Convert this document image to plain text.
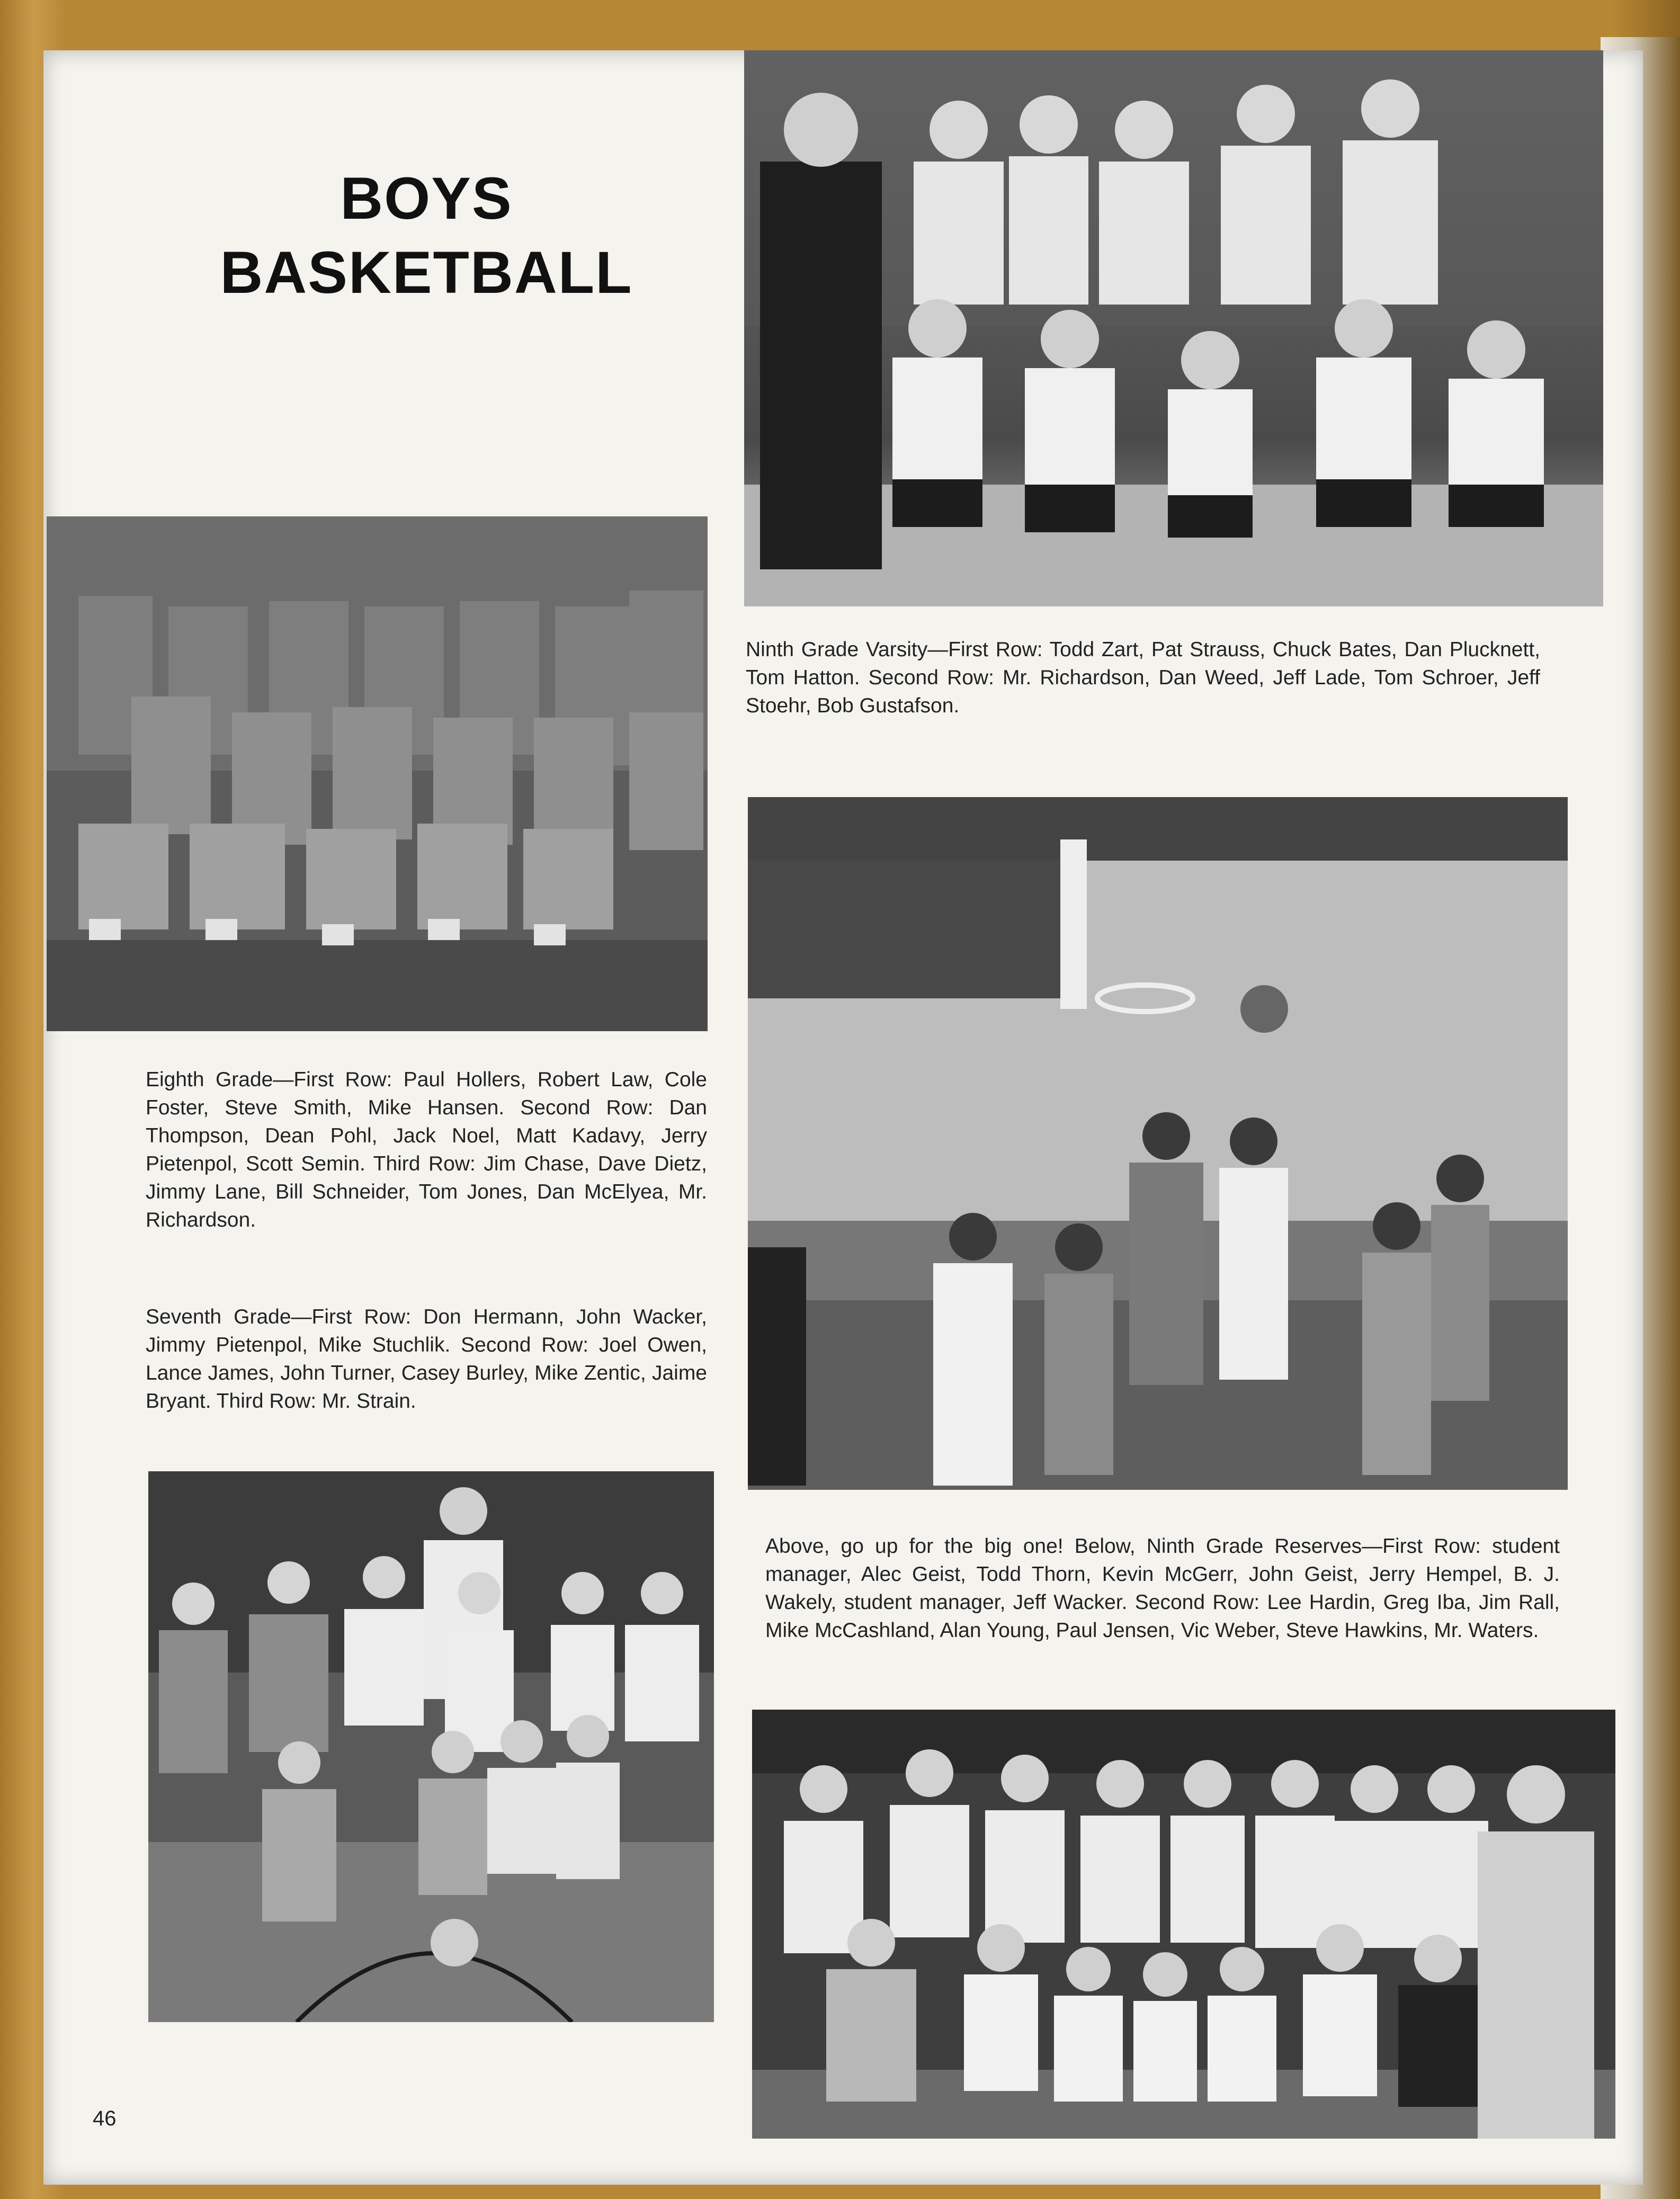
BOYS
BASKETBALL
Ninth Grade Varsity—First Row: Todd Zart, Pat Strauss, Chuck Bates, Dan Plucknett, Tom Hatton. Second Row: Mr. Richardson, Dan Weed, Jeff Lade, Tom Schroer, Jeff Stoehr, Bob Gustafson.
Eighth Grade—First Row: Paul Hollers, Robert Law, Cole Foster, Steve Smith, Mike Hansen. Second Row: Dan Thompson, Dean Pohl, Jack Noel, Matt Kadavy, Jerry Pietenpol, Scott Semin. Third Row: Jim Chase, Dave Dietz, Jimmy Lane, Bill Schneider, Tom Jones, Dan McElyea, Mr. Richardson.
Seventh Grade—First Row: Don Hermann, John Wacker, Jimmy Pietenpol, Mike Stuchlik. Second Row: Joel Owen, Lance James, John Turner, Casey Burley, Mike Zentic, Jaime Bryant. Third Row: Mr. Strain.
Above, go up for the big one! Below, Ninth Grade Reserves—First Row: student manager, Alec Geist, Todd Thorn, Kevin McGerr, John Geist, Jerry Hempel, B. J. Wakely, student manager, Jeff Wacker. Second Row: Lee Hardin, Greg Iba, Jim Rall, Mike McCashland, Alan Young, Paul Jensen, Vic Weber, Steve Hawkins, Mr. Waters.
46
